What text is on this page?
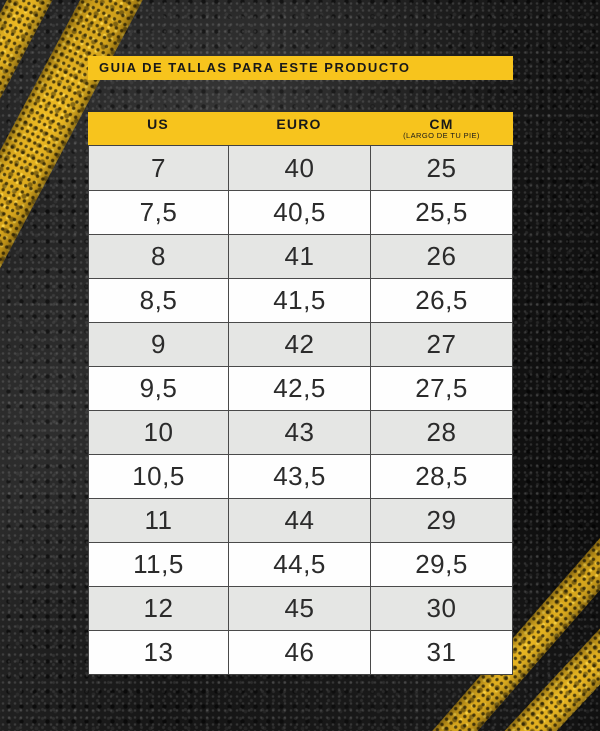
GUIA DE TALLAS PARA ESTE PRODUCTO
US	EURO	CM
(LARGO DE TU PIE)
7	40	25
7,5	40,5	25,5
8	41	26
8,5	41,5	26,5
9	42	27
9,5	42,5	27,5
10	43	28
10,5	43,5	28,5
11	44	29
11,5	44,5	29,5
12	45	30
13	46	31
